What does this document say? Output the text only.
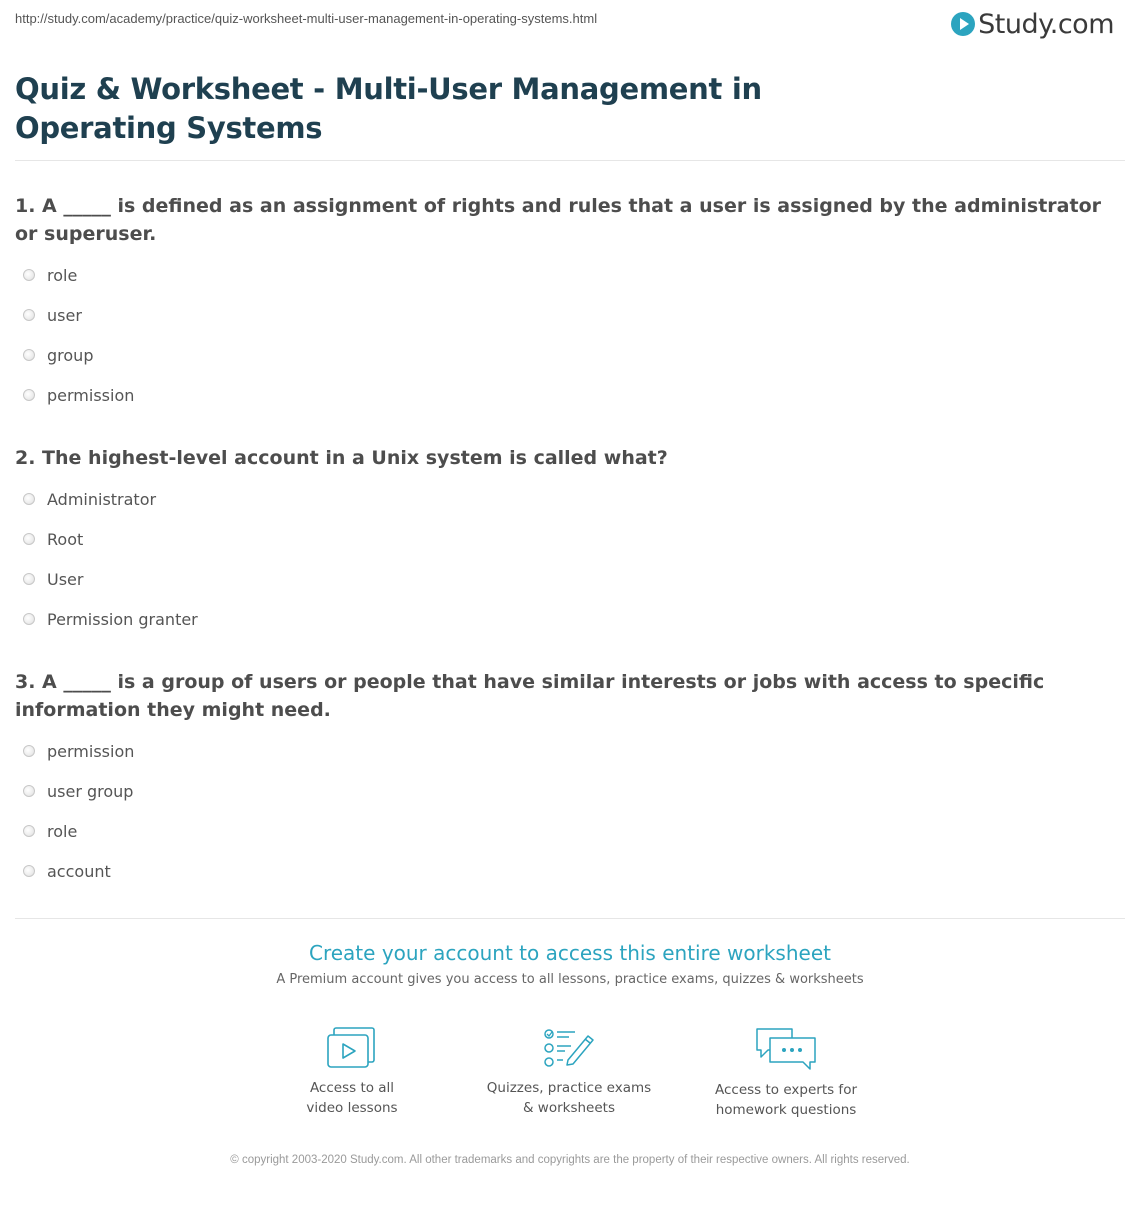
http://study.com/academy/practice/quiz-worksheet-multi-user-management-in-operating-systems.html	Study.com
Quiz & Worksheet - Multi-User Management in Operating Systems
1. A _____ is defined as an assignment of rights and rules that a user is assigned by the administrator or superuser.
role
user
group
permission
2. The highest-level account in a Unix system is called what?
Administrator
Root
User
Permission granter
3. A _____ is a group of users or people that have similar interests or jobs with access to specific information they might need.
permission
user group
role
account
Create your account to access this entire worksheet
A Premium account gives you access to all lessons, practice exams, quizzes & worksheets
Access to all
video lessons
Quizzes, practice exams
& worksheets
Access to experts for
homework questions
© copyright 2003-2020 Study.com. All other trademarks and copyrights are the property of their respective owners. All rights reserved.
